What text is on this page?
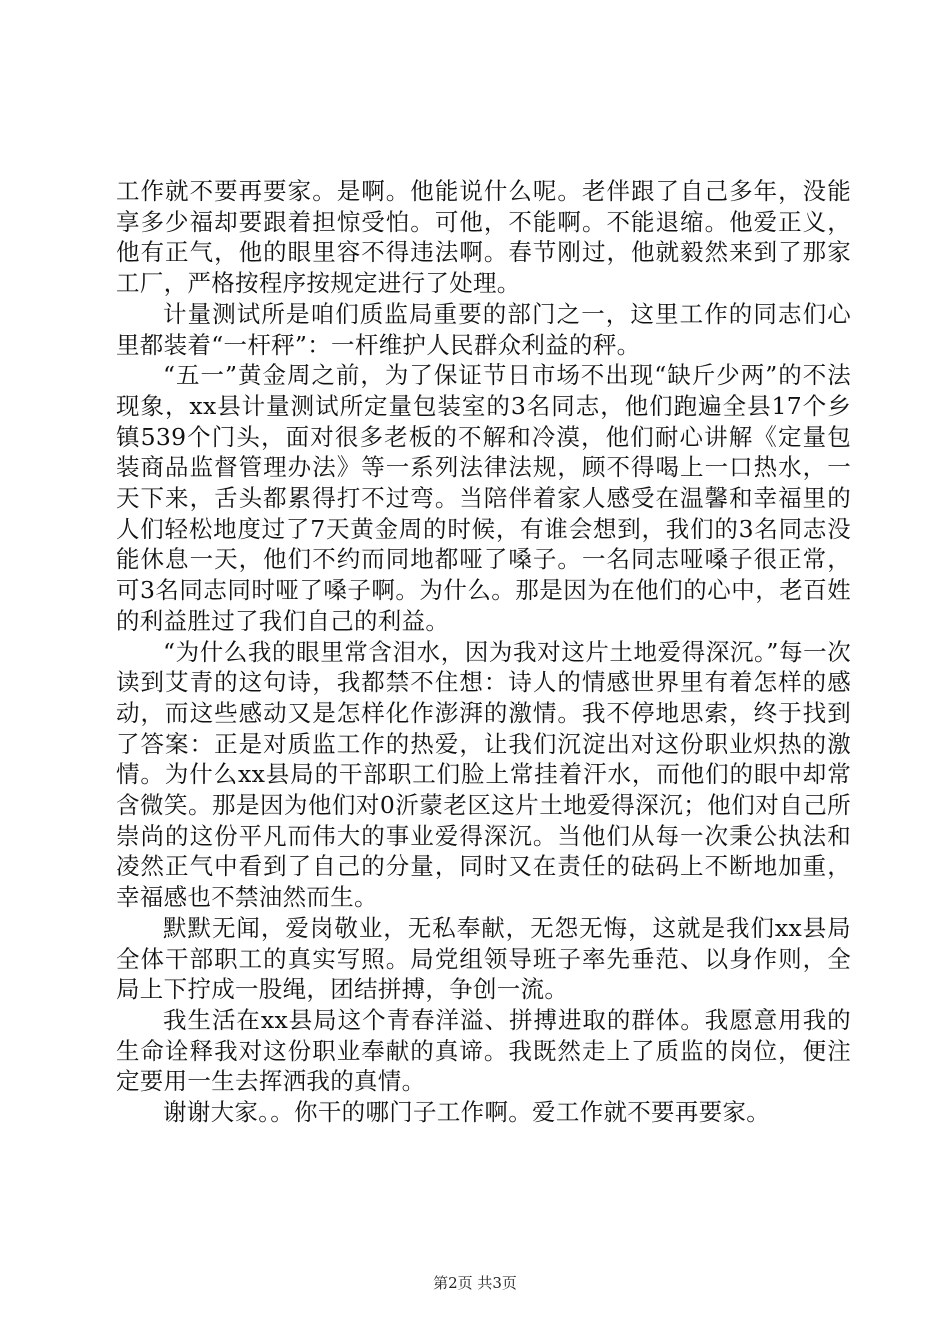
工作就不要再要家。是啊。他能说什么呢。老伴跟了自己多年，没能享多少福却要跟着担惊受怕。可他，不能啊。不能退缩。他爱正义，他有正气，他的眼里容不得违法啊。春节刚过，他就毅然来到了那家工厂，严格按程序按规定进行了处理。

计量测试所是咱们质监局重要的部门之一，这里工作的同志们心里都装着“一杆秤”：一杆维护人民群众利益的秤。

“五一”黄金周之前，为了保证节日市场不出现“缺斤少两”的不法现象，xx县计量测试所定量包装室的3名同志，他们跑遍全县17个乡镇539个门头，面对很多老板的不解和冷漠，他们耐心讲解《定量包装商品监督管理办法》等一系列法律法规，顾不得喝上一口热水，一天下来，舌头都累得打不过弯。当陪伴着家人感受在温馨和幸福里的人们轻松地度过了7天黄金周的时候，有谁会想到，我们的3名同志没能休息一天，他们不约而同地都哑了嗓子。一名同志哑嗓子很正常，可3名同志同时哑了嗓子啊。为什么。那是因为在他们的心中，老百姓的利益胜过了我们自己的利益。

“为什么我的眼里常含泪水，因为我对这片土地爱得深沉。”每一次读到艾青的这句诗，我都禁不住想：诗人的情感世界里有着怎样的感动，而这些感动又是怎样化作澎湃的激情。我不停地思索，终于找到了答案：正是对质监工作的热爱，让我们沉淀出对这份职业炽热的激情。为什么xx县局的干部职工们脸上常挂着汗水，而他们的眼中却常含微笑。那是因为他们对0沂蒙老区这片土地爱得深沉；他们对自己所崇尚的这份平凡而伟大的事业爱得深沉。当他们从每一次秉公执法和凌然正气中看到了自己的分量，同时又在责任的砝码上不断地加重，幸福感也不禁油然而生。

默默无闻，爱岗敬业，无私奉献，无怨无悔，这就是我们xx县局全体干部职工的真实写照。局党组领导班子率先垂范、以身作则，全局上下拧成一股绳，团结拼搏，争创一流。

我生活在xx县局这个青春洋溢、拼搏进取的群体。我愿意用我的生命诠释我对这份职业奉献的真谛。我既然走上了质监的岗位，便注定要用一生去挥洒我的真情。

谢谢大家。。你干的哪门子工作啊。爱工作就不要再要家。

第2页 共3页
